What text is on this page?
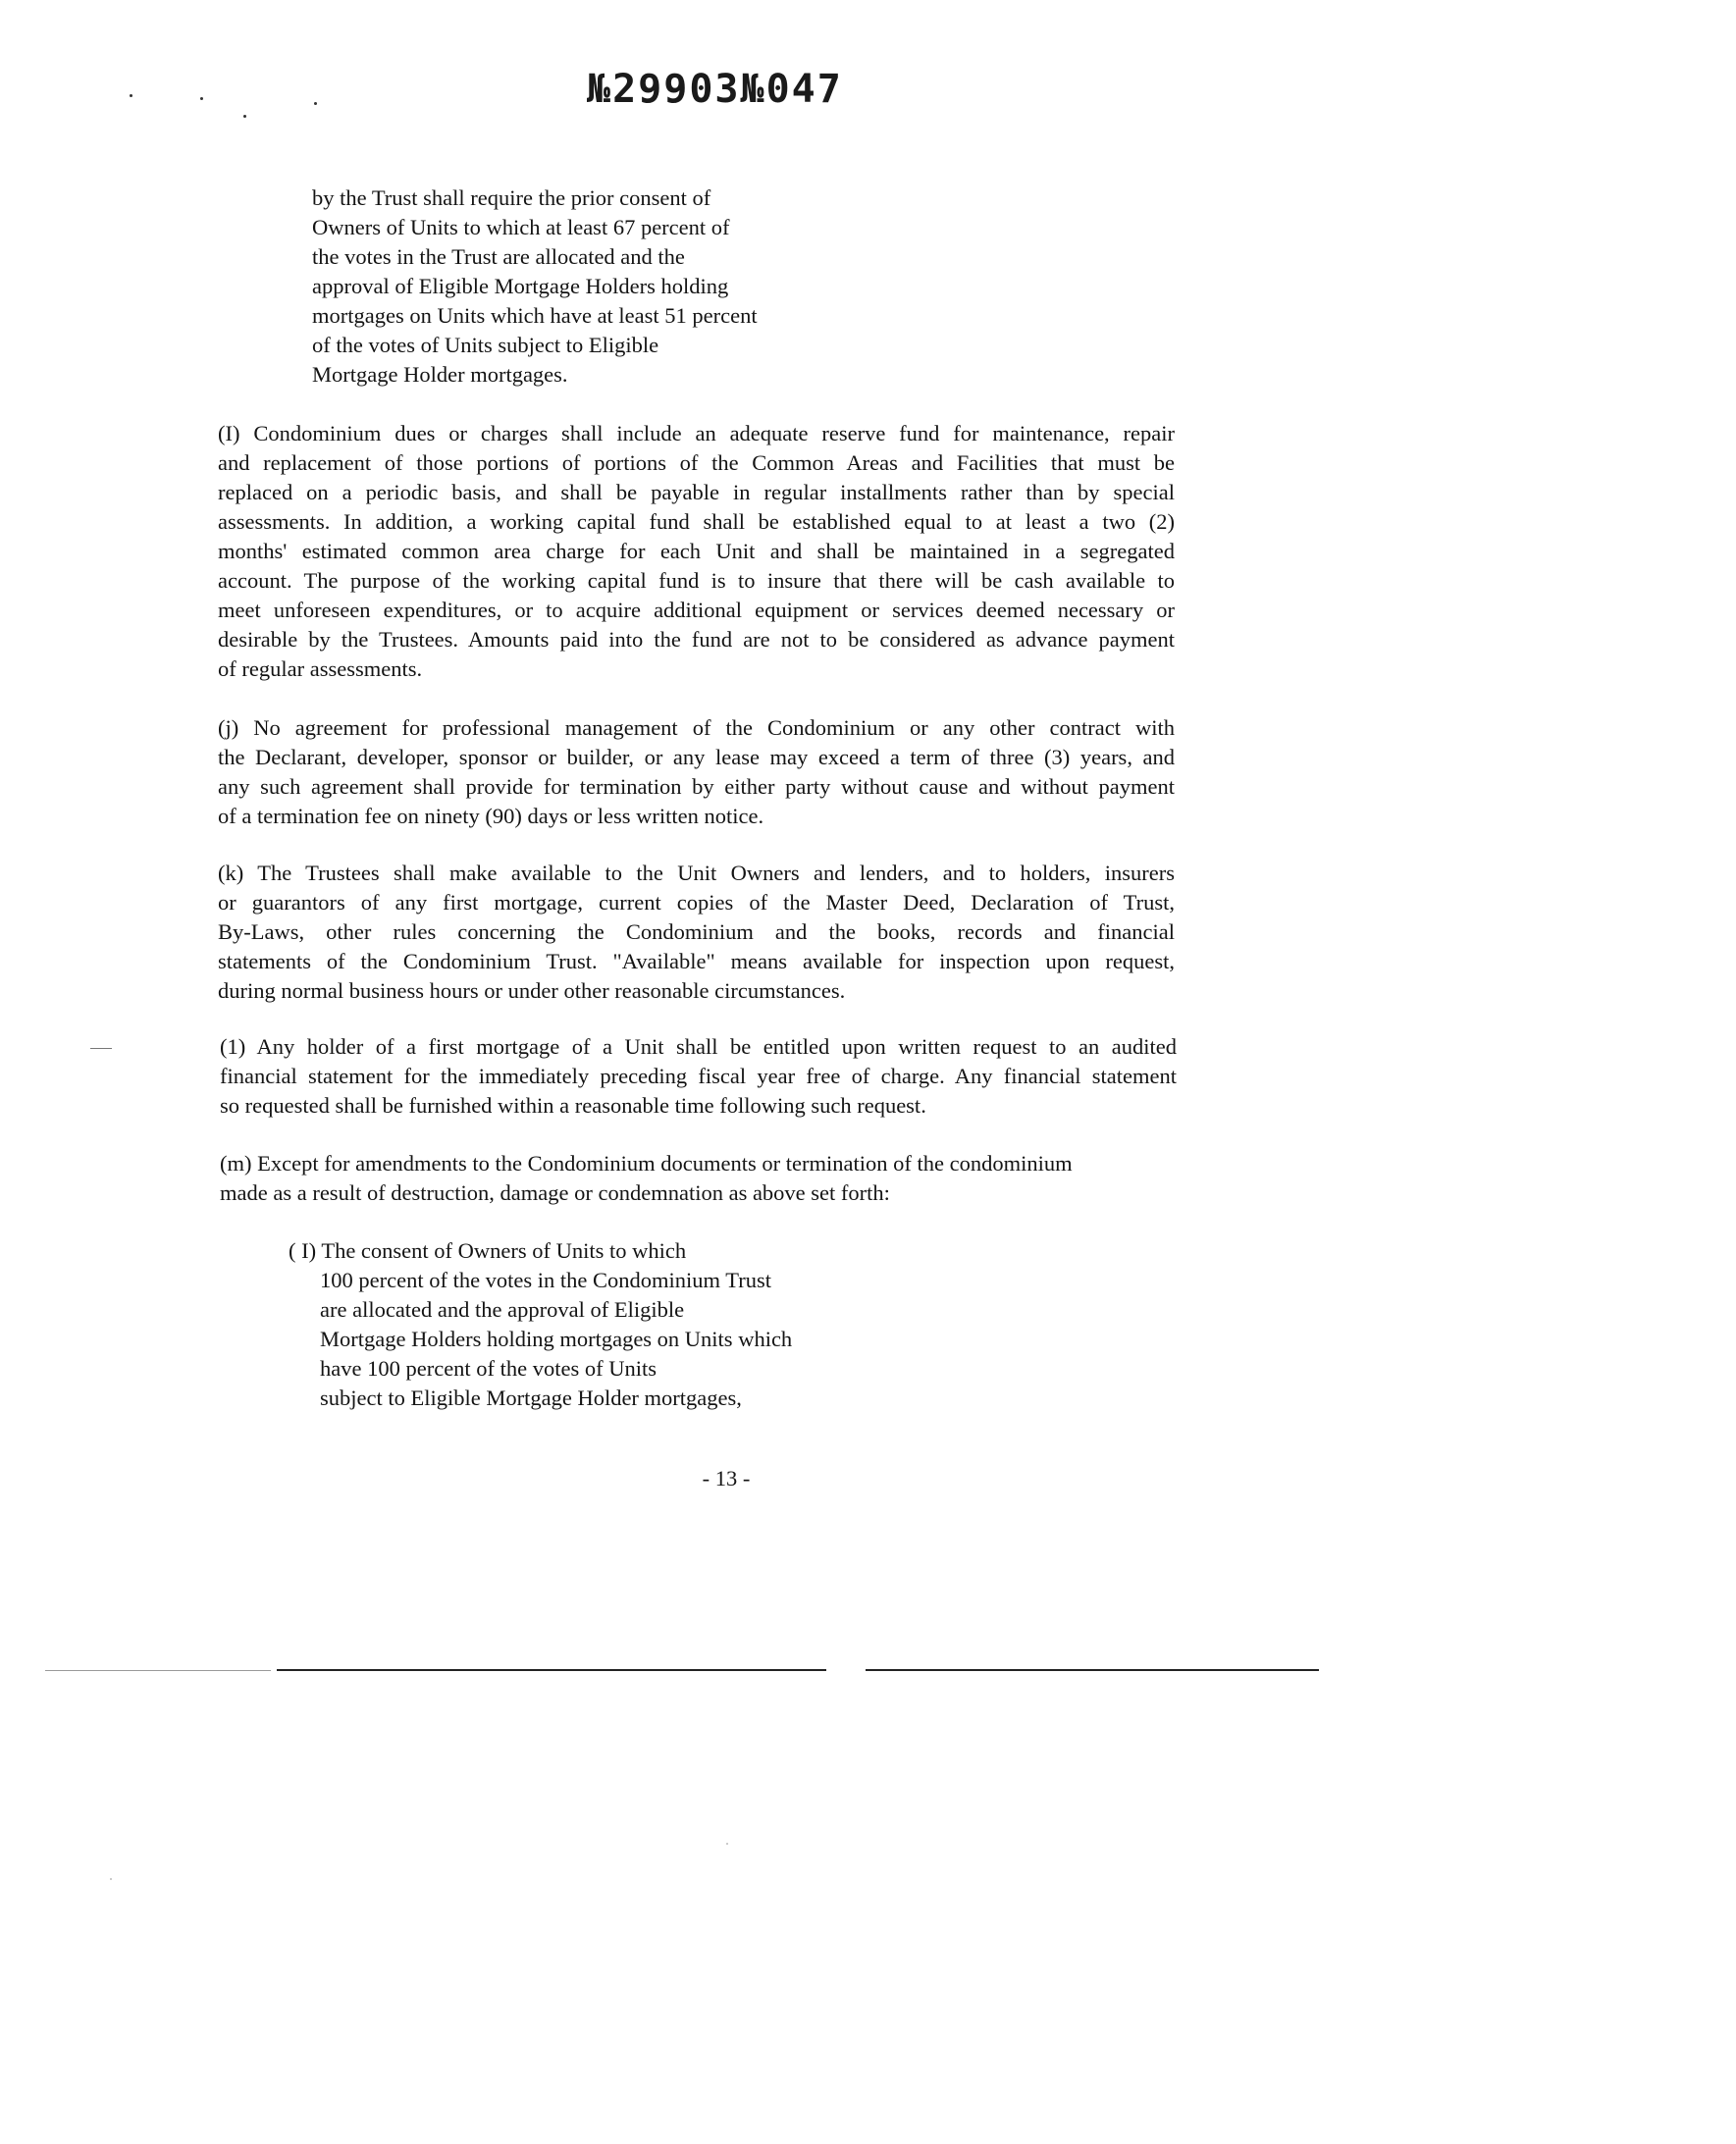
№29903№047
by the Trust shall require the prior consent of
Owners of Units to which at least 67 percent of
the votes in the Trust are allocated and the
approval of Eligible Mortgage Holders holding
mortgages on Units which have at least 51 percent
of the votes of Units subject to Eligible
Mortgage Holder mortgages.
(I) Condominium dues or charges shall include an adequate reserve fund for maintenance, repair
and replacement of those portions of portions of the Common Areas and Facilities that must be
replaced on a periodic basis, and shall be payable in regular installments rather than by special
assessments. In addition, a working capital fund shall be established equal to at least a two (2)
months' estimated common area charge for each Unit and shall be maintained in a segregated
account. The purpose of the working capital fund is to insure that there will be cash available to
meet unforeseen expenditures, or to acquire additional equipment or services deemed necessary or
desirable by the Trustees. Amounts paid into the fund are not to be considered as advance payment
of regular assessments.
(j) No agreement for professional management of the Condominium or any other contract with
the Declarant, developer, sponsor or builder, or any lease may exceed a term of three (3) years, and
any such agreement shall provide for termination by either party without cause and without payment
of a termination fee on ninety (90) days or less written notice.
(k) The Trustees shall make available to the Unit Owners and lenders, and to holders, insurers
or guarantors of any first mortgage, current copies of the Master Deed, Declaration of Trust,
By-Laws, other rules concerning the Condominium and the books, records and financial
statements of the Condominium Trust. "Available" means available for inspection upon request,
during normal business hours or under other reasonable circumstances.
(1) Any holder of a first mortgage of a Unit shall be entitled upon written request to an audited
financial statement for the immediately preceding fiscal year free of charge. Any financial statement
so requested shall be furnished within a reasonable time following such request.
(m) Except for amendments to the Condominium documents or termination of the condominium
made as a result of destruction, damage or condemnation as above set forth:
( I) The consent of Owners of Units to which
100 percent of the votes in the Condominium Trust
are allocated and the approval of Eligible
Mortgage Holders holding mortgages on Units which
have 100 percent of the votes of Units
subject to Eligible Mortgage Holder mortgages,
- 13 -
